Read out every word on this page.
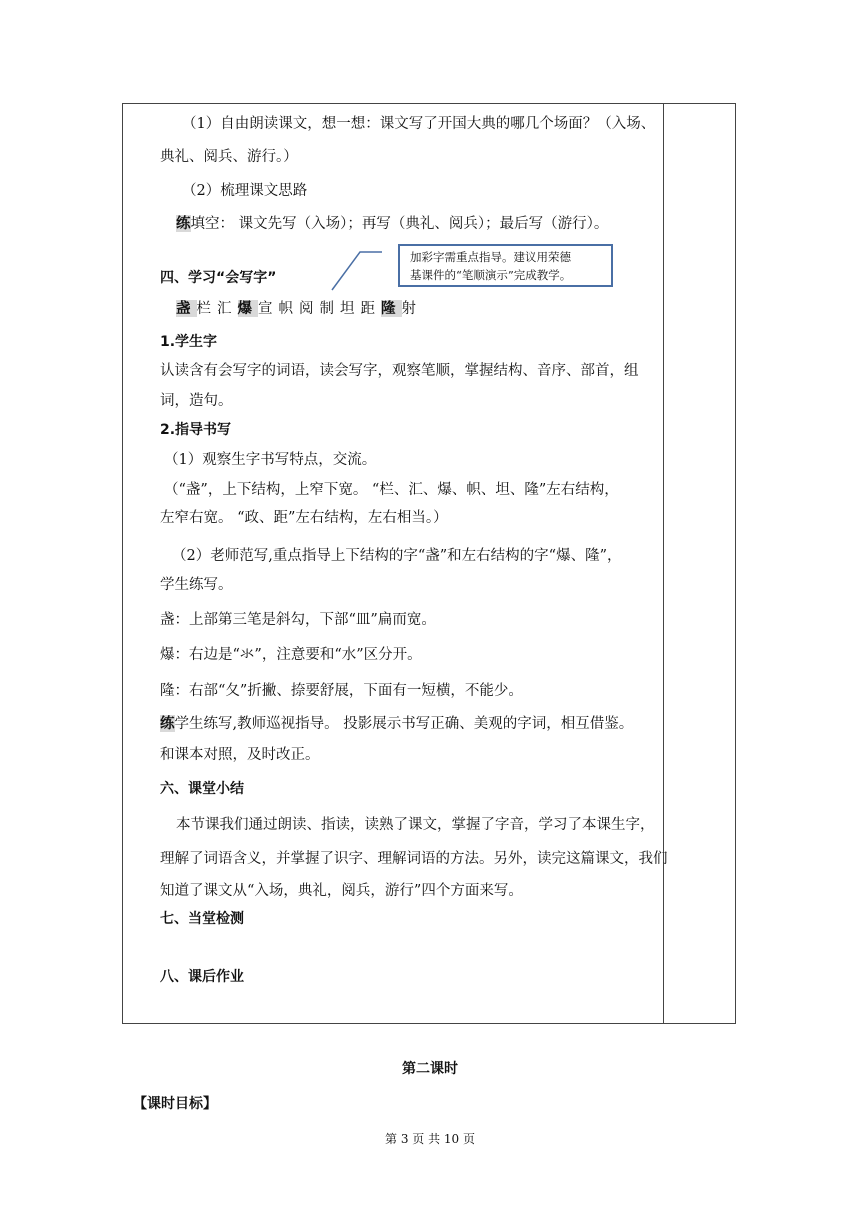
（1）自由朗读课文，想一想：课文写了开国大典的哪几个场面？（入场、
典礼、阅兵、游行。）
（2）梳理课文思路
练填空： 课文先写（入场）；再写（典礼、阅兵）；最后写（游行）。
加彩字需重点指导。建议用荣德
基课件的“笔顺演示”完成教学。
四、学习“会写字”
盏栏汇爆宣帜阅制坦距隆射
1.学生字
认读含有会写字的词语，读会写字，观察笔顺，掌握结构、音序、部首，组
词，造句。
2.指导书写
（1）观察生字书写特点，交流。
（“盏”，上下结构，上窄下宽。 “栏、汇、爆、帜、坦、隆”左右结构，
左窄右宽。 “政、距”左右结构，左右相当。）
（2）老师范写,重点指导上下结构的字“盏”和左右结构的字“爆、隆”，
学生练写。
盏：上部第三笔是斜勾，下部“皿”扁而宽。
爆：右边是“氺”，注意要和“水”区分开。
隆：右部“夂”折撇、捺要舒展，下面有一短横，不能少。
练学生练写,教师巡视指导。 投影展示书写正确、美观的字词，相互借鉴。
和课本对照，及时改正。
六、课堂小结
本节课我们通过朗读、指读，读熟了课文，掌握了字音，学习了本课生字，
理解了词语含义，并掌握了识字、理解词语的方法。另外，读完这篇课文，我们
知道了课文从“入场，典礼，阅兵，游行”四个方面来写。
七、当堂检测
八、课后作业
第二课时
【课时目标】
第 3 页 共 10 页
